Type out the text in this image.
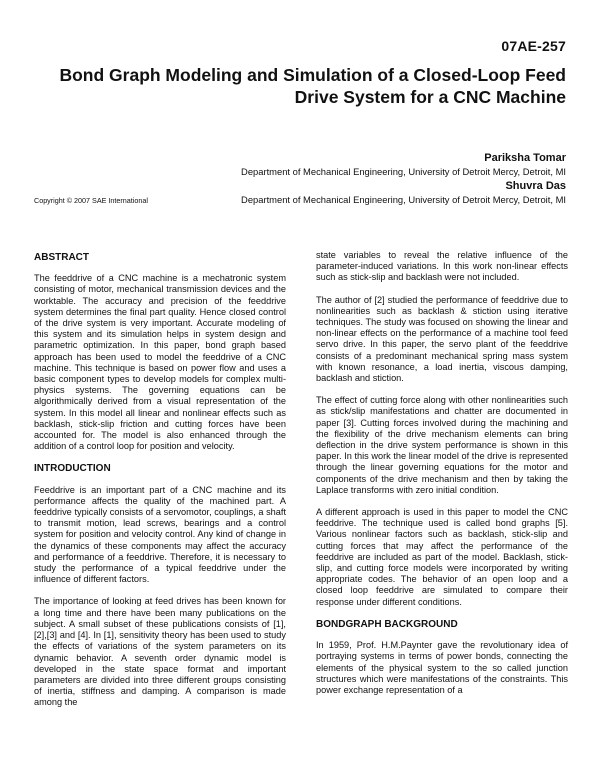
07AE-257
Bond Graph Modeling and Simulation of a Closed-Loop Feed Drive System for a CNC Machine
Pariksha Tomar
Department of Mechanical Engineering, University of Detroit Mercy, Detroit, MI
Shuvra Das
Department of Mechanical Engineering, University of Detroit Mercy, Detroit, MI
Copyright © 2007 SAE International
ABSTRACT

The feeddrive of a CNC machine is a mechatronic system consisting of motor, mechanical transmission devices and the worktable. The accuracy and precision of the feeddrive system determines the final part quality. Hence closed control of the drive system is very important. Accurate modeling of this system and its simulation helps in system design and parametric optimization. In this paper, bond graph based approach has been used to model the feeddrive of a CNC machine. This technique is based on power flow and uses a basic component types to develop models for complex multi-physics systems. The governing equations can be algorithmically derived from a visual representation of the system. In this model all linear and nonlinear effects such as backlash, stick-slip friction and cutting forces have been accounted for. The model is also enhanced through the addition of a control loop for position and velocity.

INTRODUCTION

Feeddrive is an important part of a CNC machine and its performance affects the quality of the machined part. A feeddrive typically consists of a servomotor, couplings, a shaft to transmit motion, lead screws, bearings and a control system for position and velocity control. Any kind of change in the dynamics of these components may affect the accuracy and performance of a feeddrive. Therefore, it is necessary to study the performance of a typical feeddrive under the influence of different factors.

The importance of looking at feed drives has been known for a long time and there have been many publications on the subject. A small subset of these publications consists of [1],[2],[3] and [4]. In [1], sensitivity theory has been used to study the effects of variations of the system parameters on its dynamic behavior. A seventh order dynamic model is developed in the state space format and important parameters are divided into three different groups consisting of inertia, stiffness and damping. A comparison is made among the

state variables to reveal the relative influence of the parameter-induced variations. In this work non-linear effects such as stick-slip and backlash were not included.

The author of [2] studied the performance of feeddrive due to nonlinearities such as backlash & stiction using iterative techniques. The study was focused on showing the linear and non-linear effects on the performance of a machine tool feed servo drive. In this paper, the servo plant of the feeddrive consists of a predominant mechanical spring mass system with known resonance, a load inertia, viscous damping, backlash and stiction.

The effect of cutting force along with other nonlinearities such as stick/slip manifestations and chatter are documented in paper [3]. Cutting forces involved during the machining and the flexibility of the drive mechanism elements can bring deflection in the drive system performance is shown in this paper. In this work the linear model of the drive is represented through the linear governing equations for the motor and components of the drive mechanism and then by taking the Laplace transforms with zero initial condition.

A different approach is used in this paper to model the CNC feeddrive. The technique used is called bond graphs [5]. Various nonlinear factors such as backlash, stick-slip and cutting forces that may affect the performance of the feeddrive are included as part of the model. Backlash, stick-slip, and cutting force models were incorporated by writing appropriate codes. The behavior of an open loop and a closed loop feeddrive are simulated to compare their response under different conditions.

BONDGRAPH BACKGROUND

In 1959, Prof. H.M.Paynter gave the revolutionary idea of portraying systems in terms of power bonds, connecting the elements of the physical system to the so called junction structures which were manifestations of the constraints. This power exchange representation of a
